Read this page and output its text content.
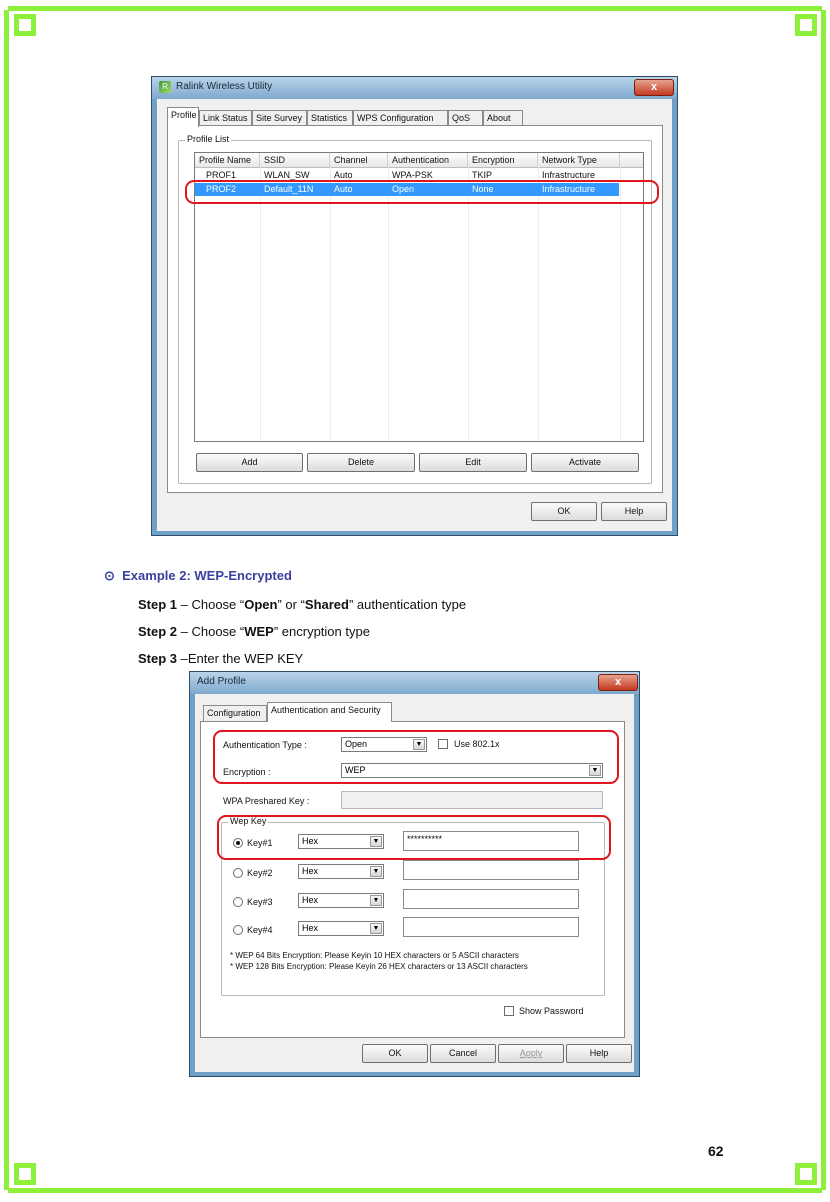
R Ralink Wireless Utility	x
Profile Link Status Site Survey Statistics	WPS Configuration	QoS	About
Profile List
Profile Name	SSID	Channel	Authentication	Encryption	Network Type
PROF1	WLAN_SW	Auto	WPA-PSK	TKIP	Infrastructure
PROF2	Default_11N	Auto	Open	None	Infrastructure
Add	Delete	Edit	Activate
OK	Help
⊙ Example 2: WEP-Encrypted
Step 1 – Choose “Open” or “Shared” authentication type
Step 2 – Choose “WEP” encryption type
Step 3 –Enter the WEP KEY
Add Profile	x
Configuration	Authentication and Security
Authentication Type :	Open	▼	Use 802.1x
Encryption :	WEP	▼
WPA Preshared Key :
Wep Key
Key#1	Hex	▼	**********
Key#2	Hex	▼
Key#3	Hex	▼
Key#4	Hex	▼
* WEP 64 Bits Encryption: Please Keyin 10 HEX characters or 5 ASCII characters
* WEP 128 Bits Encryption: Please Keyin 26 HEX characters or 13 ASCII characters
Show Password
OK	Cancel	Apply	Help
62
